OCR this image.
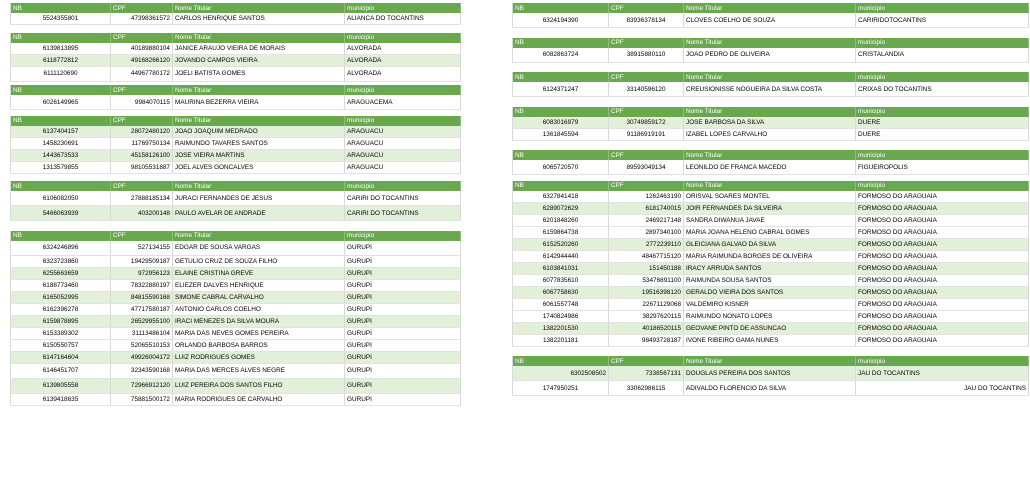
NB	CPF	Nome Titular	municipio
5524355801	47398361572	CARLOS HENRIQUE SANTOS	ALIANCA DO TOCANTINS

NB	CPF	Nome Titular	municipio
6139813895	40189880104	JANICE ARAUJO VIEIRA DE MORAIS	ALVORADA
6118772812	49168266120	JOVANDO CAMPOS VIEIRA	ALVORADA
6111120690	44967780172	JOELI BATISTA GOMES	ALVORADA

NB	CPF	Nome Titular	municipio
6026149965	9984070115	MAURINA BEZERRA VIEIRA	ARAGUACEMA

NB	CPF	Nome Titular	municipio
6137404157	28072480120	JOAO JOAQUIM MEDRADO	ARAGUACU
1458230691	11769750134	RAIMUNDO TAVARES SANTOS	ARAGUACU
1443673533	45158126100	JOSE VIEIRA MARTINS	ARAGUACU
1313579855	98105531887	JOEL ALVES GONCALVES	ARAGUACU

NB	CPF	Nome Titular	municipio
6106082050	27888185134	JURACI FERNANDES DE JESUS	CARIRI DO TOCANTINS
5466063939	403200148	PAULO AVELAR DE ANDRADE	CARIRI DO TOCANTINS

NB	CPF	Nome Titular	municipio
6324246896	527134155	EDGAR DE SOUSA VARGAS	GURUPI
6323723860	19429509187	GETULIO CRUZ DE SOUZA FILHO	GURUPI
6255663659	972956123	ELAINE CRISTINA GREVE	GURUPI
6188773460	78322880197	ELIEZER DALVES HENRIQUE	GURUPI
6165052995	84815590168	SIMONE CABRAL CARVALHO	GURUPI
6162396278	47717580187	ANTONIO CARLOS COELHO	GURUPI
6159878895	26529955100	IRACI MENEZES DA SILVA MOURA	GURUPI
6153389302	31113486104	MARIA DAS NEVES GOMES PEREIRA	GURUPI
6150550757	52065510153	ORLANDO BARBOSA BARROS	GURUPI
6147164604	49926004172	LUIZ RODRIGUES GOMES	GURUPI
6146451707	32343590168	MARIA DAS MERCES ALVES NEGRE	GURUPI
6139805558	72966912120	LUIZ PEREIRA DOS SANTOS FILHO	GURUPI
6139418635	75881500172	MARIA RODRIGUES DE CARVALHO	GURUPI
NB	CPF	Nome Titular	municipio
6324194390	83936378134	CLOVES COELHO DE SOUZA	CARIRIDOTOCANTINS

NB	CPF	Nome Titular	municipio
6082863724	38915880110	JOAO PEDRO DE OLIVEIRA	CRISTALANDIA

NB	CPF	Nome Titular	municipio
6124371247	33140596120	CREUSIONISSE NOGUEIRA DA SILVA COSTA	CRIXAS DO TOCANTINS

NB	CPF	Nome Titular	municipio
6083016979	30749859172	JOSE BARBOSA DA SILVA	DUERE
1361845594	91186919191	IZABEL LOPES CARVALHO	DUERE

NB	CPF	Nome Titular	municipio
6065720570	89593049134	LEONILDO DE FRANCA MACEDO	FIGUEIROPOLIS

NB	CPF	Nome Titular	municipio
6327841418	1262463190	ORISVAL SOARES MONTEL	FORMOSO DO ARAGUAIA
6289072629	6181740015	JOIR FERNANDES DA SILVEIRA	FORMOSO DO ARAGUAIA
6201848260	2469217148	SANDRA DIWANUA JAVAE	FORMOSO DO ARAGUAIA
6159864738	2897340100	MARIA JOANA HELENO CABRAL GOMES	FORMOSO DO ARAGUAIA
6152520260	2772239110	GLEICIANA GALVAO DA SILVA	FORMOSO DO ARAGUAIA
6142944440	48467715120	MARIA RAIMUNDA BORGES DE OLIVEIRA	FORMOSO DO ARAGUAIA
6103841031	151450188	IRACY ARRUDA SANTOS	FORMOSO DO ARAGUAIA
6077835610	53476891100	RAIMUNDA SOUSA SANTOS	FORMOSO DO ARAGUAIA
6067758630	19516398120	GERALDO VIEIRA DOS SANTOS	FORMOSO DO ARAGUAIA
6061557748	22671129068	VALDEMIRO KISNER	FORMOSO DO ARAGUAIA
1740824986	38297620115	RAIMUNDO NONATO LOPES	FORMOSO DO ARAGUAIA
1382201530	40186520115	GEOVANE PINTO DE ASSUNCAO	FORMOSO DO ARAGUAIA
1382201181	98493728187	IVONE RIBEIRO GAMA NUNES	FORMOSO DO ARAGUAIA

NB	CPF	Nome Titular	municipio
6302508502	7338567131	DOUGLAS PEREIRA DOS SANTOS	JAU DO TOCANTINS
1747950251	33062986115	ADIVALDO FLORENCIO DA SILVA	JAU DO TOCANTINS
